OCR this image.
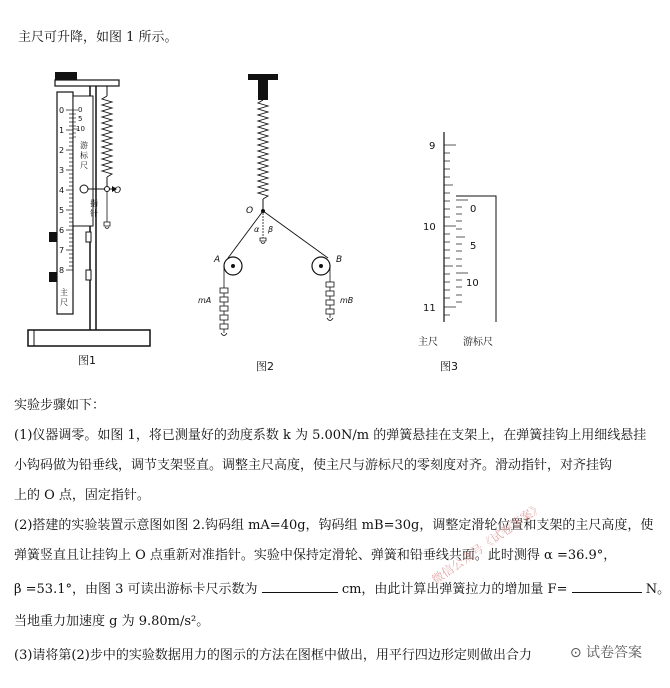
主尺可升降，如图 1 所示。
0
1
2
3
4
5
6
7
8
0
5
10
游
标
尺
指
针
主
尺
O
图1
O
α β
A	B
mA	mB
图2
9
10
11
0
5
10
主尺	游标尺
图3
实验步骤如下：
(1)仪器调零。如图 1，将已测量好的劲度系数 k 为 5.00N/m 的弹簧悬挂在支架上，在弹簧挂钩上用细线悬挂
小钩码做为铅垂线，调节支架竖直。调整主尺高度，使主尺与游标尺的零刻度对齐。滑动指针，对齐挂钩
上的 O 点，固定指针。
(2)搭建的实验装置示意图如图 2.钩码组 mA=40g，钩码组 mB=30g，调整定滑轮位置和支架的主尺高度，使
弹簧竖直且让挂钩上 O 点重新对准指针。实验中保持定滑轮、弹簧和铅垂线共面。此时测得 α =36.9°，
β =53.1°，由图 3 可读出游标卡尺示数为	cm，由此计算出弹簧拉力的增加量 F=	N。
当地重力加速度 g 为 9.80m/s²。
(3)请将第(2)步中的实验数据用力的图示的方法在图框中做出，用平行四边形定则做出合力
微信公众号《试卷答案》
⊙ 试卷答案
